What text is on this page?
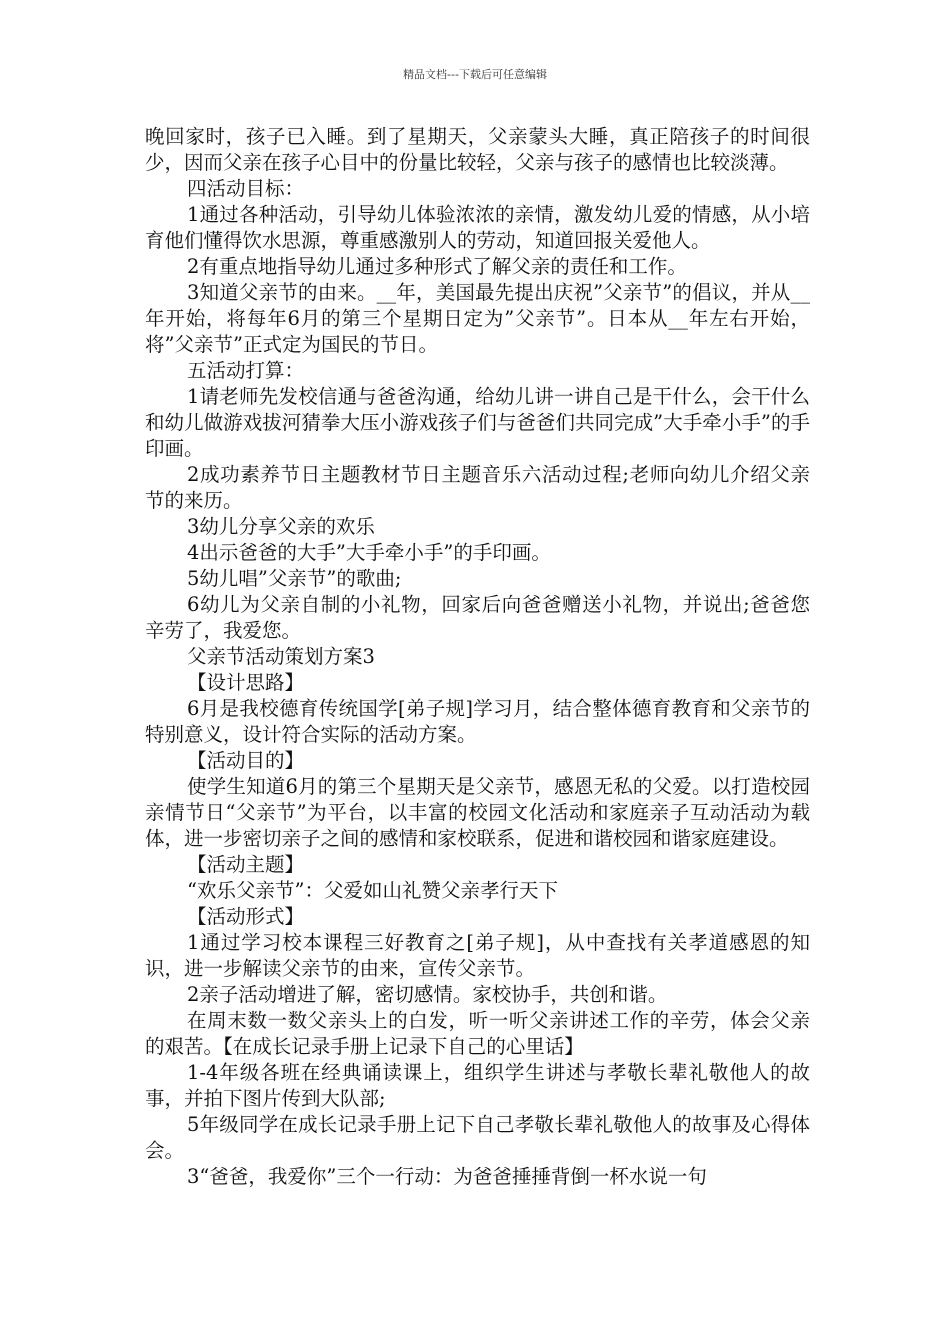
精品文档---下载后可任意编辑

晚回家时，孩子已入睡。到了星期天，父亲蒙头大睡，真正陪孩子的时间很少，因而父亲在孩子心目中的份量比较轻，父亲与孩子的感情也比较淡薄。

四活动目标：

1通过各种活动，引导幼儿体验浓浓的亲情，激发幼儿爱的情感，从小培育他们懂得饮水思源，尊重感激别人的劳动，知道回报关爱他人。

2有重点地指导幼儿通过多种形式了解父亲的责任和工作。

3知道父亲节的由来。__年，美国最先提出庆祝”父亲节”的倡议，并从__年开始，将每年6月的第三个星期日定为”父亲节”。日本从__年左右开始，将”父亲节”正式定为国民的节日。

五活动打算：

1请老师先发校信通与爸爸沟通，给幼儿讲一讲自己是干什么，会干什么和幼儿做游戏拔河猜拳大压小游戏孩子们与爸爸们共同完成”大手牵小手”的手印画。

2成功素养节日主题教材节日主题音乐六活动过程;老师向幼儿介绍父亲节的来历。

3幼儿分享父亲的欢乐

4出示爸爸的大手”大手牵小手”的手印画。

5幼儿唱”父亲节”的歌曲;

6幼儿为父亲自制的小礼物，回家后向爸爸赠送小礼物，并说出;爸爸您辛劳了，我爱您。

父亲节活动策划方案3

【设计思路】

6月是我校德育传统国学[弟子规]学习月，结合整体德育教育和父亲节的特别意义，设计符合实际的活动方案。

【活动目的】

使学生知道6月的第三个星期天是父亲节，感恩无私的父爱。以打造校园亲情节日“父亲节”为平台，以丰富的校园文化活动和家庭亲子互动活动为载体，进一步密切亲子之间的感情和家校联系，促进和谐校园和谐家庭建设。

【活动主题】

“欢乐父亲节”：父爱如山礼赞父亲孝行天下

【活动形式】

1通过学习校本课程三好教育之[弟子规]，从中查找有关孝道感恩的知识，进一步解读父亲节的由来，宣传父亲节。

2亲子活动增进了解，密切感情。家校协手，共创和谐。

在周末数一数父亲头上的白发，听一听父亲讲述工作的辛劳，体会父亲的艰苦。【在成长记录手册上记录下自己的心里话】

1-4年级各班在经典诵读课上，组织学生讲述与孝敬长辈礼敬他人的故事，并拍下图片传到大队部;

5年级同学在成长记录手册上记下自己孝敬长辈礼敬他人的故事及心得体会。

3“爸爸，我爱你”三个一行动：为爸爸捶捶背倒一杯水说一句
